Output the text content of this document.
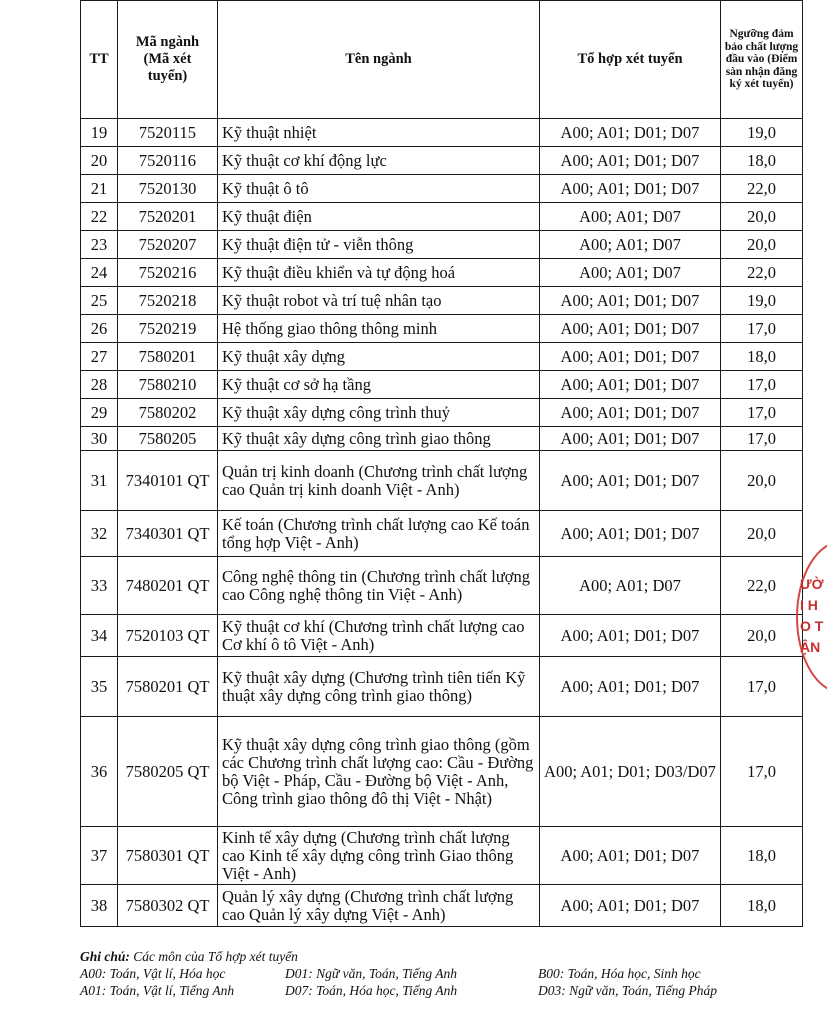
TT	Mã ngành (Mã xét tuyển)	Tên ngành	Tổ hợp xét tuyển	Ngưỡng đảm bảo chất lượng đầu vào (Điểm sàn nhận đăng ký xét tuyển)
19	7520115	Kỹ thuật nhiệt	A00; A01; D01; D07	19,0
20	7520116	Kỹ thuật cơ khí động lực	A00; A01; D01; D07	18,0
21	7520130	Kỹ thuật ô tô	A00; A01; D01; D07	22,0
22	7520201	Kỹ thuật điện	A00; A01; D07	20,0
23	7520207	Kỹ thuật điện tử - viễn thông	A00; A01; D07	20,0
24	7520216	Kỹ thuật điều khiển và tự động hoá	A00; A01; D07	22,0
25	7520218	Kỹ thuật robot và trí tuệ nhân tạo	A00; A01; D01; D07	19,0
26	7520219	Hệ thống giao thông thông minh	A00; A01; D01; D07	17,0
27	7580201	Kỹ thuật xây dựng	A00; A01; D01; D07	18,0
28	7580210	Kỹ thuật cơ sở hạ tầng	A00; A01; D01; D07	17,0
29	7580202	Kỹ thuật xây dựng công trình thuỷ	A00; A01; D01; D07	17,0
30	7580205	Kỹ thuật xây dựng công trình giao thông	A00; A01; D01; D07	17,0
31	7340101 QT	Quản trị kinh doanh (Chương trình chất lượng cao Quản trị kinh doanh Việt - Anh)	A00; A01; D01; D07	20,0
32	7340301 QT	Kế toán (Chương trình chất lượng cao Kế toán tổng hợp Việt - Anh)	A00; A01; D01; D07	20,0
33	7480201 QT	Công nghệ thông tin (Chương trình chất lượng cao Công nghệ thông tin Việt - Anh)	A00; A01; D07	22,0
34	7520103 QT	Kỹ thuật cơ khí (Chương trình chất lượng cao Cơ khí ô tô Việt - Anh)	A00; A01; D01; D07	20,0
35	7580201 QT	Kỹ thuật xây dựng (Chương trình tiên tiến Kỹ thuật xây dựng công trình giao thông)	A00; A01; D01; D07	17,0
36	7580205 QT	Kỹ thuật xây dựng công trình giao thông (gồm các Chương trình chất lượng cao: Cầu - Đường bộ Việt - Pháp, Cầu - Đường bộ Việt - Anh, Công trình giao thông đô thị Việt - Nhật)	A00; A01; D01; D03/D07	17,0
37	7580301 QT	Kinh tế xây dựng (Chương trình chất lượng cao Kinh tế xây dựng công trình Giao thông Việt - Anh)	A00; A01; D01; D07	18,0
38	7580302 QT	Quản lý xây dựng (Chương trình chất lượng cao Quản lý xây dựng Việt - Anh)	A00; A01; D01; D07	18,0
Ghi chú: Các môn của Tổ hợp xét tuyển
A00: Toán, Vật lí, Hóa học	D01: Ngữ văn, Toán, Tiếng Anh	B00: Toán, Hóa học, Sinh học
A01: Toán, Vật lí, Tiếng Anh	D07: Toán, Hóa học, Tiếng Anh	D03: Ngữ văn, Toán, Tiếng Pháp
ƯỜ
I H
O T
ẬN
